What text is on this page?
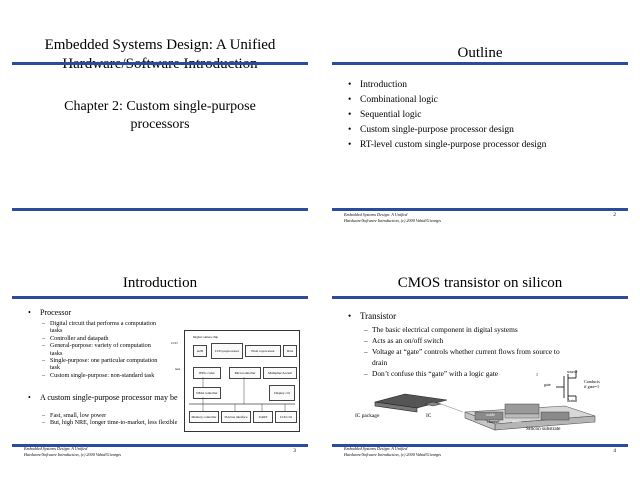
Embedded Systems Design: A Unified
Chapter 2: Custom single-purpose
processors
Outline
• Introduction
• Combinational logic
• Sequential logic
• Custom single-purpose processor design
• RT-level custom single-purpose processor design
Embedded Systems Design: A Unified
Hardware/Software Introduction, (c) 2000 Vahid/Givargis
2
Introduction
• Processor
– Digital circuit that performs a computation tasks
– Controller and datapath
– General-purpose: variety of computation tasks
– Single-purpose: one particular computation task
– Custom single-purpose: non-standard task
• A custom single-purpose processor may be
– Fast, small, low power
– But, high NRE, longer time-to-market, less flexible
Digital camera chip
CCD
lens
A2D	CCD preprocessor	Pixel coprocessor	D2A
JPEG codec	Microcontroller	Multiplier/Accum
DMA controller	Display ctrl
Memory controller	ISA bus interface	UART	LCD ctrl
Embedded Systems Design: A Unified
Hardware/Software Introduction, (c) 2000 Vahid/Givargis
3
CMOS transistor on silicon
• Transistor
– The basic electrical component in digital systems
– Acts as an on/off switch
– Voltage at “gate” controls whether current flows from source to drain
– Don’t confuse this “gate” with a logic gate	source
gate
drain
Conducts
if gate=1
1
IC package	IC
gate
oxide
source	channel	drain
Silicon substrate
Embedded Systems Design: A Unified
Hardware/Software Introduction, (c) 2000 Vahid/Givargis
4
